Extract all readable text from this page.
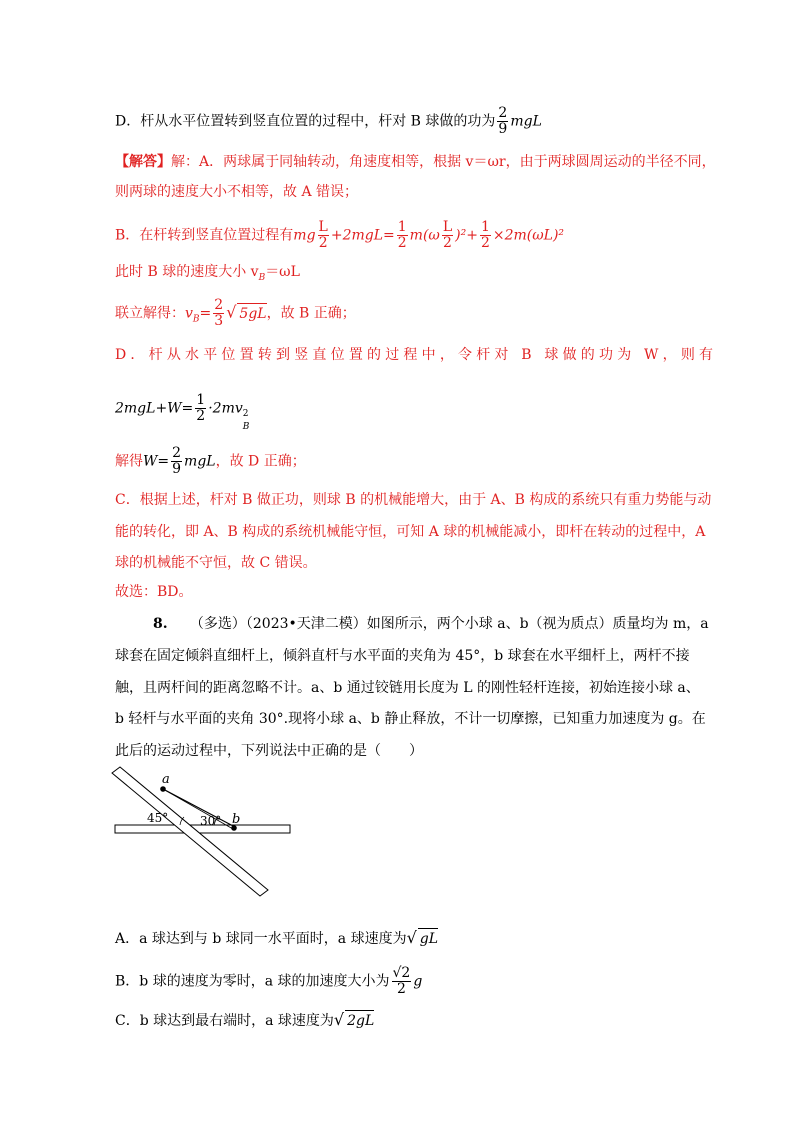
D．杆从水平位置转到竖直位置的过程中，杆对 B 球做的功为 $\frac{2}{9}$ mgL
【解答】解：A．两球属于同轴转动，角速度相等，根据 v＝ωr，由于两球圆周运动的半径不同，
则两球的速度大小不相等，故 A 错误；
B．在杆转到竖直位置过程有mg $\frac{L}{2} +2mgL= \frac{1}{2} m(\omega \frac{L}{2} )^2+ \frac{1}{2} \times 2m(\omega L)^2$
此时 B 球的速度大小 $v_B=\omega L$
联立解得：$v_B= \frac{2}{3}$ √ 5gL，故 B 正确；
D．杆从水平位置转到竖直位置的过程中，令杆对 B 球做的功为 W，则有
$2mgL+W= \frac{1}{2} \cdot 2mv$ 2
B
解得$W= \frac{2}{9}$ mgL，故 D 正确；
C．根据上述，杆对 B 做正功，则球 B 的机械能增大，由于 A、B 构成的系统只有重力势能与动
能的转化，即 A、B 构成的系统机械能守恒，可知 A 球的机械能减小，即杆在转动的过程中，A
球的机械能不守恒，故 C 错误。
故选：BD。
8. （多选）（2023•天津二模）如图所示，两个小球 a、b（视为质点）质量均为 m，a
球套在固定倾斜直细杆上，倾斜直杆与水平面的夹角为 45°，b 球套在水平细杆上，两杆不接
触，且两杆间的距离忽略不计。a、b 通过铰链用长度为 L 的刚性轻杆连接，初始连接小球 a、
b 轻杆与水平面的夹角 30°.现将小球 a、b 静止释放，不计一切摩擦，已知重力加速度为 g。在
此后的运动过程中，下列说法中正确的是（　　）
a
b
45°	30°
A．a 球达到与 b 球同一水平面时，a 球速度为√ gL
B．b 球的速度为零时，a 球的加速度大小为 $\frac{√2}{2}$ g
C．b 球达到最右端时，a 球速度为√ 2gL
